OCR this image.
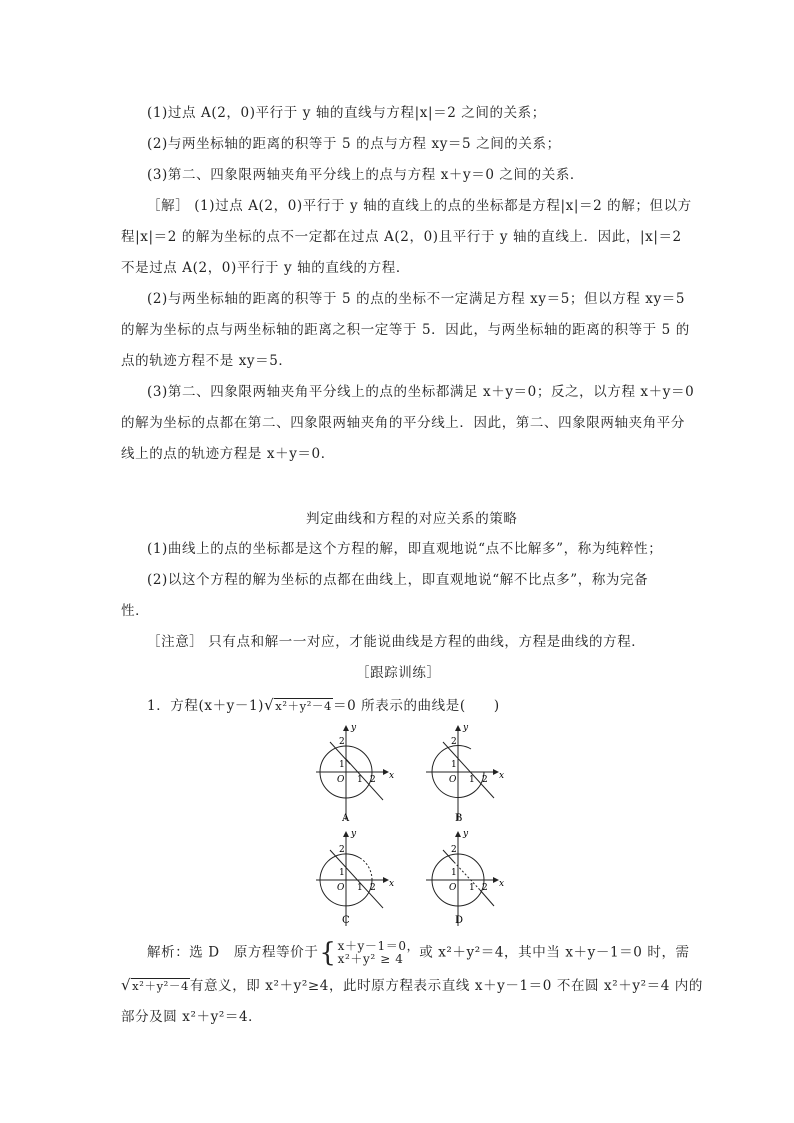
(1)过点 A(2，0)平行于 y 轴的直线与方程|x|＝2 之间的关系；
(2)与两坐标轴的距离的积等于 5 的点与方程 xy＝5 之间的关系；
(3)第二、四象限两轴夹角平分线上的点与方程 x＋y＝0 之间的关系．
［解］ (1)过点 A(2，0)平行于 y 轴的直线上的点的坐标都是方程|x|＝2 的解；但以方
程|x|＝2 的解为坐标的点不一定都在过点 A(2，0)且平行于 y 轴的直线上．因此，|x|＝2
不是过点 A(2，0)平行于 y 轴的直线的方程．
(2)与两坐标轴的距离的积等于 5 的点的坐标不一定满足方程 xy＝5；但以方程 xy＝5
的解为坐标的点与两坐标轴的距离之积一定等于 5．因此，与两坐标轴的距离的积等于 5 的
点的轨迹方程不是 xy＝5．
(3)第二、四象限两轴夹角平分线上的点的坐标都满足 x＋y＝0；反之，以方程 x＋y＝0
的解为坐标的点都在第二、四象限两轴夹角的平分线上．因此，第二、四象限两轴夹角平分
线上的点的轨迹方程是 x＋y＝0．
判定曲线和方程的对应关系的策略
(1)曲线上的点的坐标都是这个方程的解，即直观地说“点不比解多”，称为纯粹性；
(2)以这个方程的解为坐标的点都在曲线上，即直观地说“解不比点多”，称为完备
性．
［注意］ 只有点和解一一对应，才能说曲线是方程的曲线，方程是曲线的方程．
［跟踪训练］
1．方程(x＋y－1)√x²＋y²－4＝0 所表示的曲线是(　　)
y
x
O
2
1
1 2
A
y
x
O
2
1
1 2
B
y
x
O
2
1
1 2
C
y
x
O
2
1
1 2
D
解析：选 D　原方程等价于{ x＋y－1＝0，
x²＋y² ≥ 4	或 x²＋y²＝4，其中当 x＋y－1＝0 时，需
√x²＋y²－4有意义，即 x²＋y²≥4，此时原方程表示直线 x＋y－1＝0 不在圆 x²＋y²＝4 内的
部分及圆 x²＋y²＝4．
